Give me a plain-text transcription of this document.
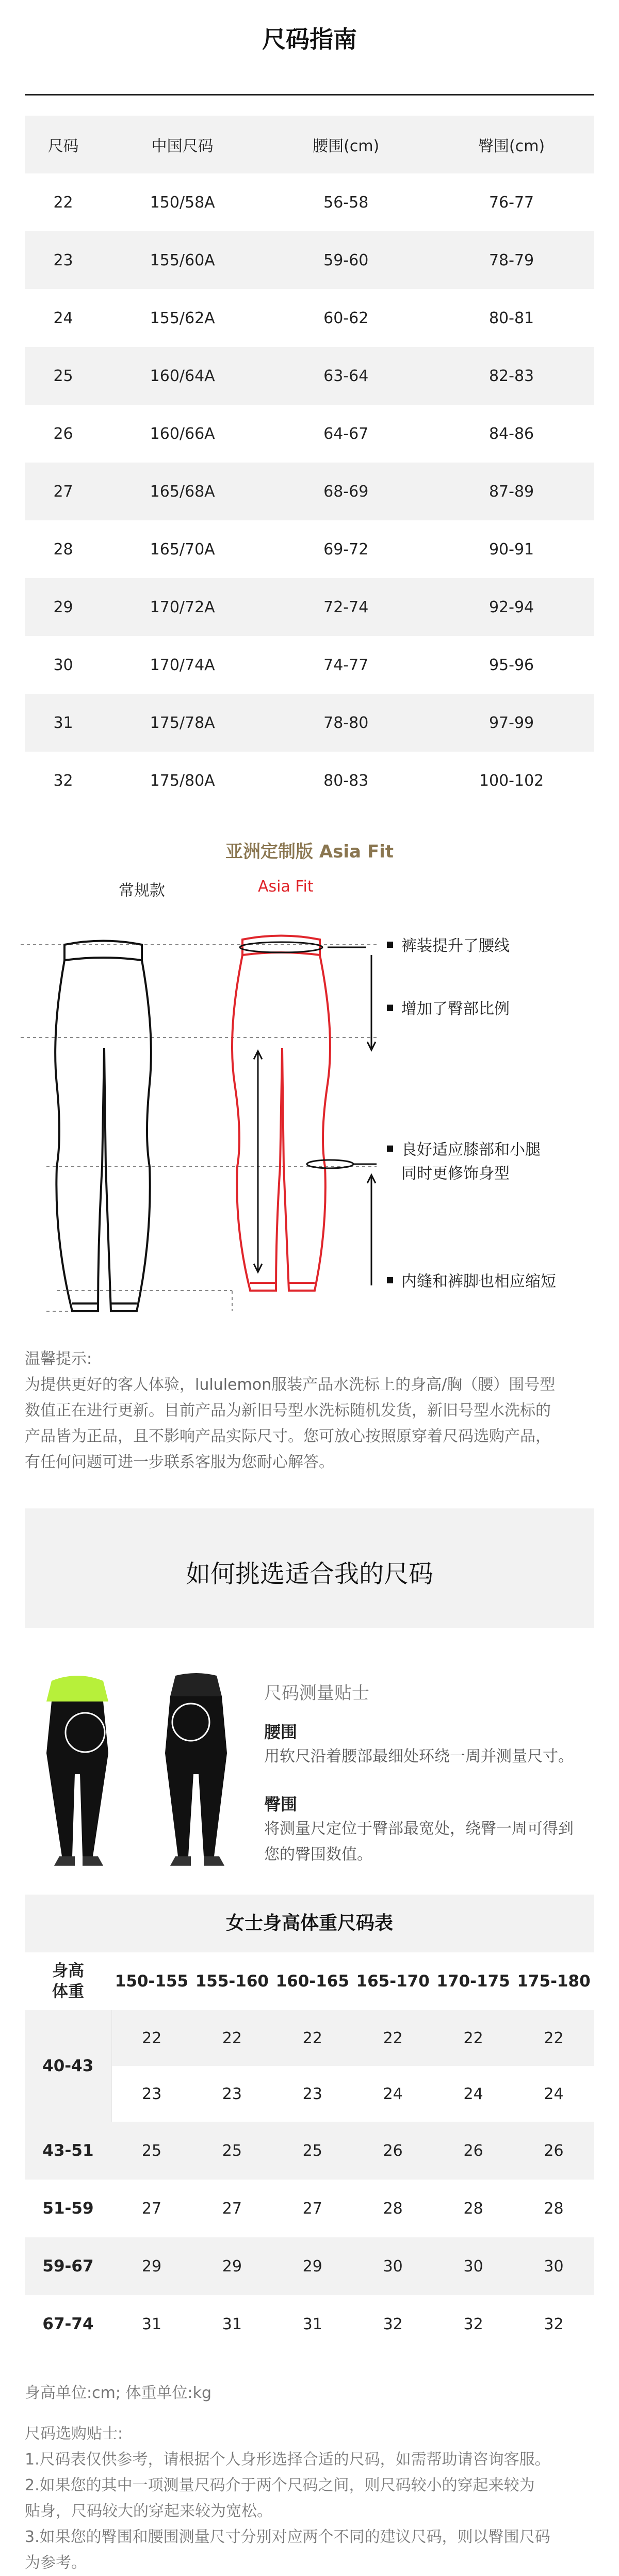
尺码指南
尺码	中国尺码	腰围(cm)	臀围(cm)
22	150/58A	56-58	76-77
23	155/60A	59-60	78-79
24	155/62A	60-62	80-81
25	160/64A	63-64	82-83
26	160/66A	64-67	84-86
27	165/68A	68-69	87-89
28	165/70A	69-72	90-91
29	170/72A	72-74	92-94
30	170/74A	74-77	95-96
31	175/78A	78-80	97-99
32	175/80A	80-83	100-102
亚洲定制版 Asia Fit
常规款	Asia Fit
裤装提升了腰线
增加了臀部比例
良好适应膝部和小腿
同时更修饰身型
内缝和裤脚也相应缩短
温馨提示:
为提供更好的客人体验，lululemon服装产品水洗标上的身高/胸（腰）围号型
数值正在进行更新。目前产品为新旧号型水洗标随机发货，新旧号型水洗标的
产品皆为正品，且不影响产品实际尺寸。您可放心按照原穿着尺码选购产品，
有任何问题可进一步联系客服为您耐心解答。
如何挑选适合我的尺码
尺码测量贴士
腰围
用软尺沿着腰部最细处环绕一周并测量尺寸。
臀围
将测量尺定位于臀部最宽处，绕臀一周可得到
您的臀围数值。
女士身高体重尺码表
身高
体重	150-155	155-160	160-165	165-170	170-175	175-180
40-43	22	22	22	22	22	22
	23	23	23	24	24	24
43-51	25	25	25	26	26	26
51-59	27	27	27	28	28	28
59-67	29	29	29	30	30	30
67-74	31	31	31	32	32	32
身高单位:cm; 体重单位:kg
尺码选购贴士:
1.尺码表仅供参考，请根据个人身形选择合适的尺码，如需帮助请咨询客服。
2.如果您的其中一项测量尺码介于两个尺码之间，则尺码较小的穿起来较为
贴身，尺码较大的穿起来较为宽松。
3.如果您的臀围和腰围测量尺寸分别对应两个不同的建议尺码，则以臀围尺码
为参考。
